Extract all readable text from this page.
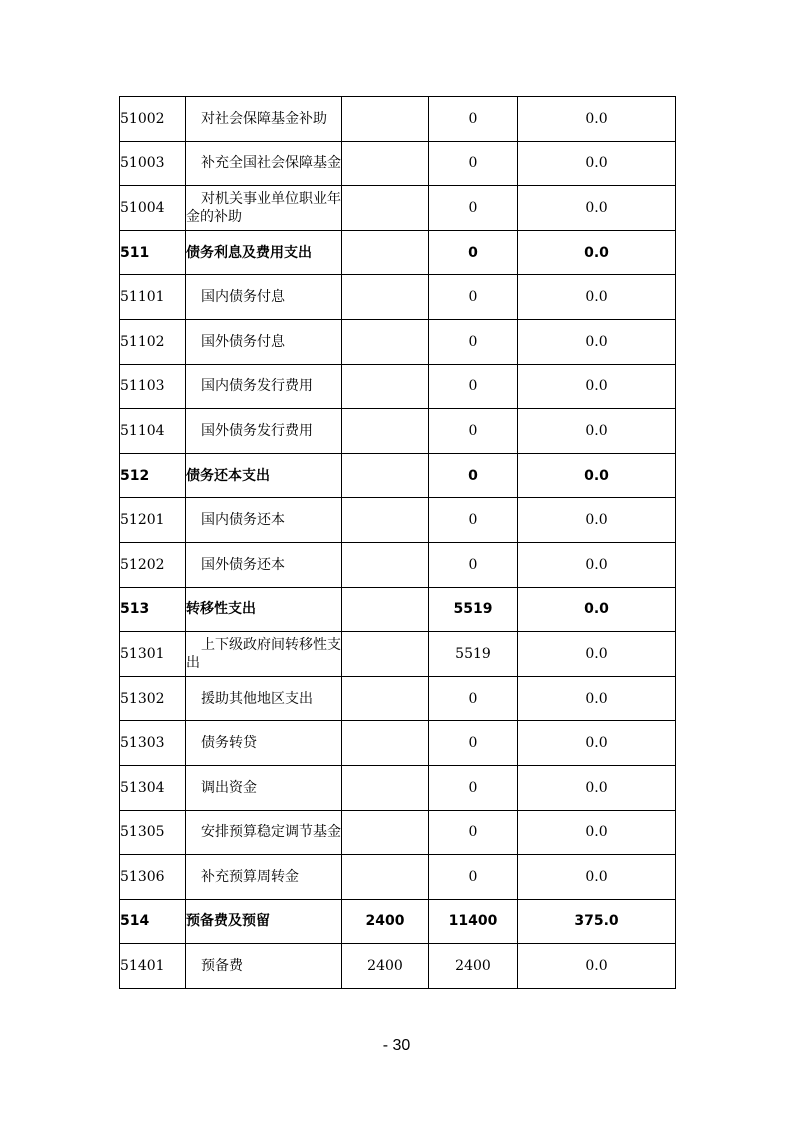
51002	对社会保障基金补助		0	0.0
51003	补充全国社会保障基金		0	0.0
51004	对机关事业单位职业年金的补助		0	0.0
511	债务利息及费用支出		0	0.0
51101	国内债务付息		0	0.0
51102	国外债务付息		0	0.0
51103	国内债务发行费用		0	0.0
51104	国外债务发行费用		0	0.0
512	债务还本支出		0	0.0
51201	国内债务还本		0	0.0
51202	国外债务还本		0	0.0
513	转移性支出		5519	0.0
51301	上下级政府间转移性支出		5519	0.0
51302	援助其他地区支出		0	0.0
51303	债务转贷		0	0.0
51304	调出资金		0	0.0
51305	安排预算稳定调节基金		0	0.0
51306	补充预算周转金		0	0.0
514	预备费及预留	2400	11400	375.0
51401	预备费	2400	2400	0.0
- 30
